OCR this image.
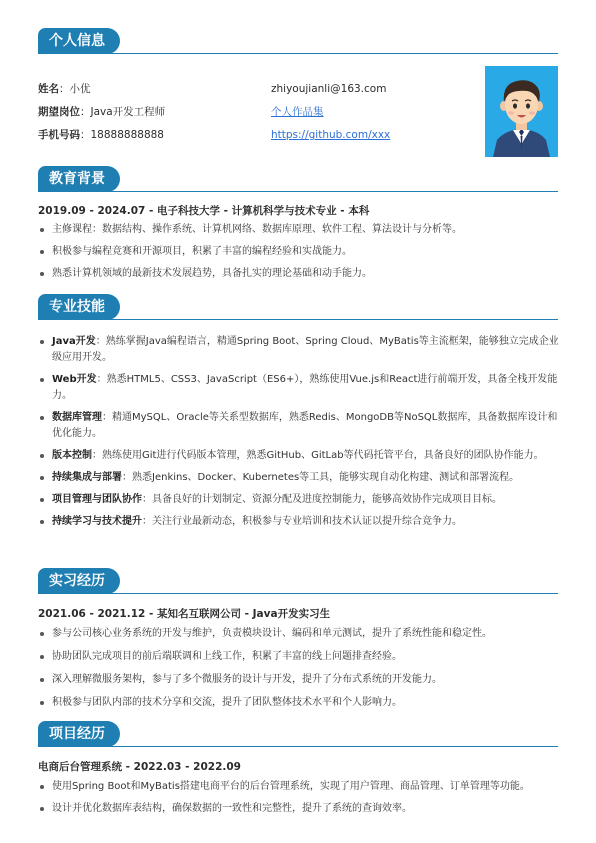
个人信息
姓名：小优
期望岗位：Java开发工程师
手机号码：18888888888
zhiyoujianli@163.com
个人作品集
https://github.com/xxx
教育背景
2019.09 - 2024.07 - 电子科技大学 - 计算机科学与技术专业 - 本科
主修课程：数据结构、操作系统、计算机网络、数据库原理、软件工程、算法设计与分析等。
积极参与编程竞赛和开源项目，积累了丰富的编程经验和实战能力。
熟悉计算机领域的最新技术发展趋势，具备扎实的理论基础和动手能力。
专业技能
Java开发：熟练掌握Java编程语言，精通Spring Boot、Spring Cloud、MyBatis等主流框架，能够独立完成企业级应用开发。
Web开发：熟悉HTML5、CSS3、JavaScript（ES6+），熟练使用Vue.js和React进行前端开发，具备全栈开发能力。
数据库管理：精通MySQL、Oracle等关系型数据库，熟悉Redis、MongoDB等NoSQL数据库，具备数据库设计和优化能力。
版本控制：熟练使用Git进行代码版本管理，熟悉GitHub、GitLab等代码托管平台，具备良好的团队协作能力。
持续集成与部署：熟悉Jenkins、Docker、Kubernetes等工具，能够实现自动化构建、测试和部署流程。
项目管理与团队协作：具备良好的计划制定、资源分配及进度控制能力，能够高效协作完成项目目标。
持续学习与技术提升：关注行业最新动态，积极参与专业培训和技术认证以提升综合竞争力。
实习经历
2021.06 - 2021.12 - 某知名互联网公司 - Java开发实习生
参与公司核心业务系统的开发与维护，负责模块设计、编码和单元测试，提升了系统性能和稳定性。
协助团队完成项目的前后端联调和上线工作，积累了丰富的线上问题排查经验。
深入理解微服务架构，参与了多个微服务的设计与开发，提升了分布式系统的开发能力。
积极参与团队内部的技术分享和交流，提升了团队整体技术水平和个人影响力。
项目经历
电商后台管理系统 - 2022.03 - 2022.09
使用Spring Boot和MyBatis搭建电商平台的后台管理系统，实现了用户管理、商品管理、订单管理等功能。
设计并优化数据库表结构，确保数据的一致性和完整性，提升了系统的查询效率。
